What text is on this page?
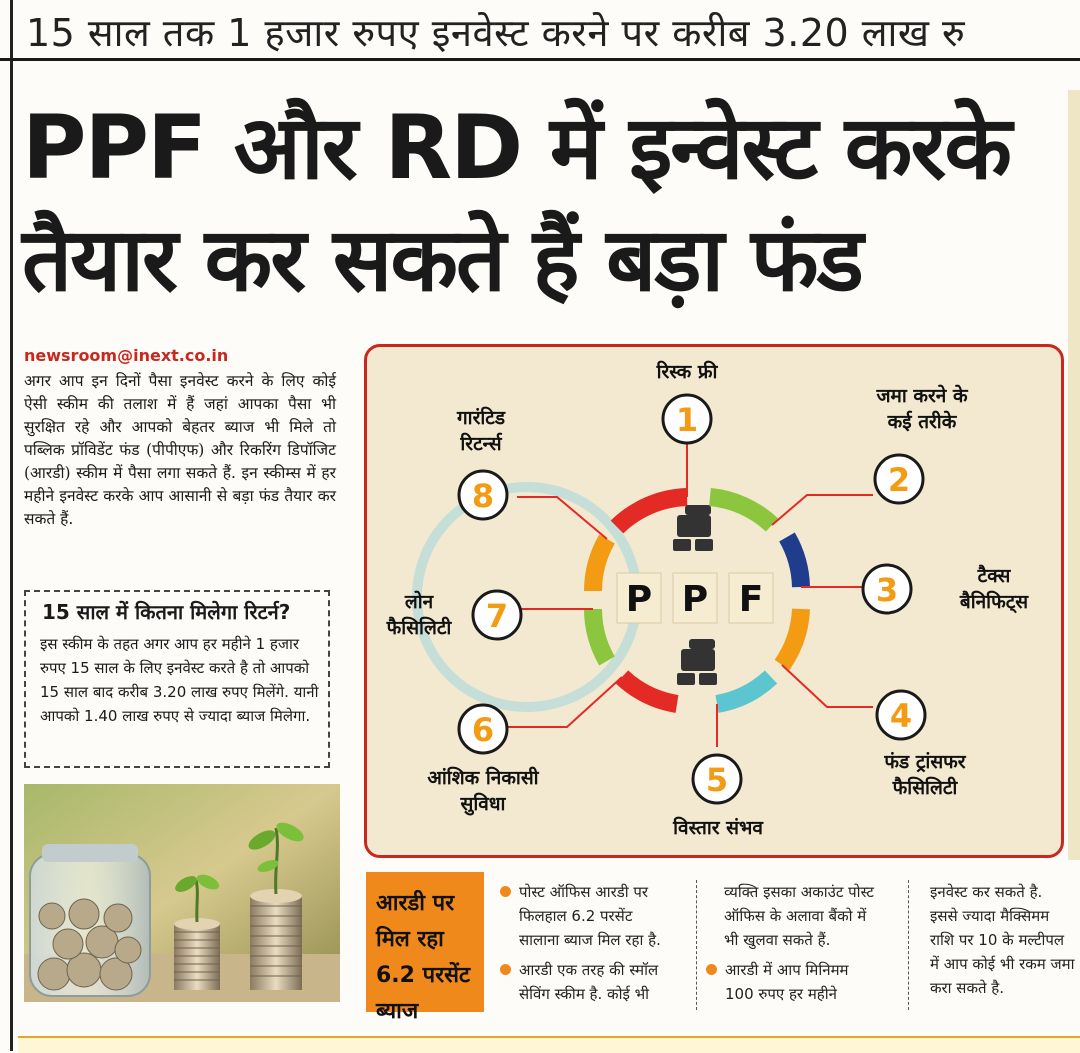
15 साल तक 1 हजार रुपए इनवेस्ट करने पर करीब 3.20 लाख रु
PPF और RD में इन्वेस्ट करके
तैयार कर सकते हैं बड़ा फंड
newsroom@inext.co.in
अगर आप इन दिनों पैसा इनवेस्ट करने के लिए कोई ऐसी स्कीम की तलाश में हैं जहां आपका पैसा भी सुरक्षित रहे और आपको बेहतर ब्याज भी मिले तो पब्लिक प्रॉविडेंट फंड (पीपीएफ) और रिकरिंग डिपॉजिट (आरडी) स्कीम में पैसा लगा सकते हैं. इन स्कीम्स में हर महीने इनवेस्ट करके आप आसानी से बड़ा फंड तैयार कर सकते हैं.
15 साल में कितना मिलेगा रिटर्न?
इस स्कीम के तहत अगर आप हर महीने 1 हजार रुपए 15 साल के लिए इनवेस्ट करते है तो आपको 15 साल बाद करीब 3.20 लाख रुपए मिलेंगे. यानी आपको 1.40 लाख रुपए से ज्यादा ब्याज मिलेगा.
1
2
3
4
5
6
7
8
P P F
रिस्क फ्री
जमा करने के
कई तरीके
टैक्स
बैनिफिट्स
फंड ट्रांसफर
फैसिलिटी
विस्तार संभव
आंशिक निकासी
सुविधा
लोन
फैसिलिटी
गारंटिड
रिटर्न्स
आरडी पर
मिल रहा
6.2 परसेंट
ब्याज
पोस्ट ऑफिस आरडी पर
फिलहाल 6.2 परसेंट
सालाना ब्याज मिल रहा है.
आरडी एक तरह की स्मॉल
सेविंग स्कीम है. कोई भी
व्यक्ति इसका अकाउंट पोस्ट
ऑफिस के अलावा बैंको में
भी खुलवा सकते हैं.
आरडी में आप मिनिमम
100 रुपए हर महीने
इनवेस्ट कर सकते है.
इससे ज्यादा मैक्सिमम
राशि पर 10 के मल्टीपल
में आप कोई भी रकम जमा
करा सकते है.
